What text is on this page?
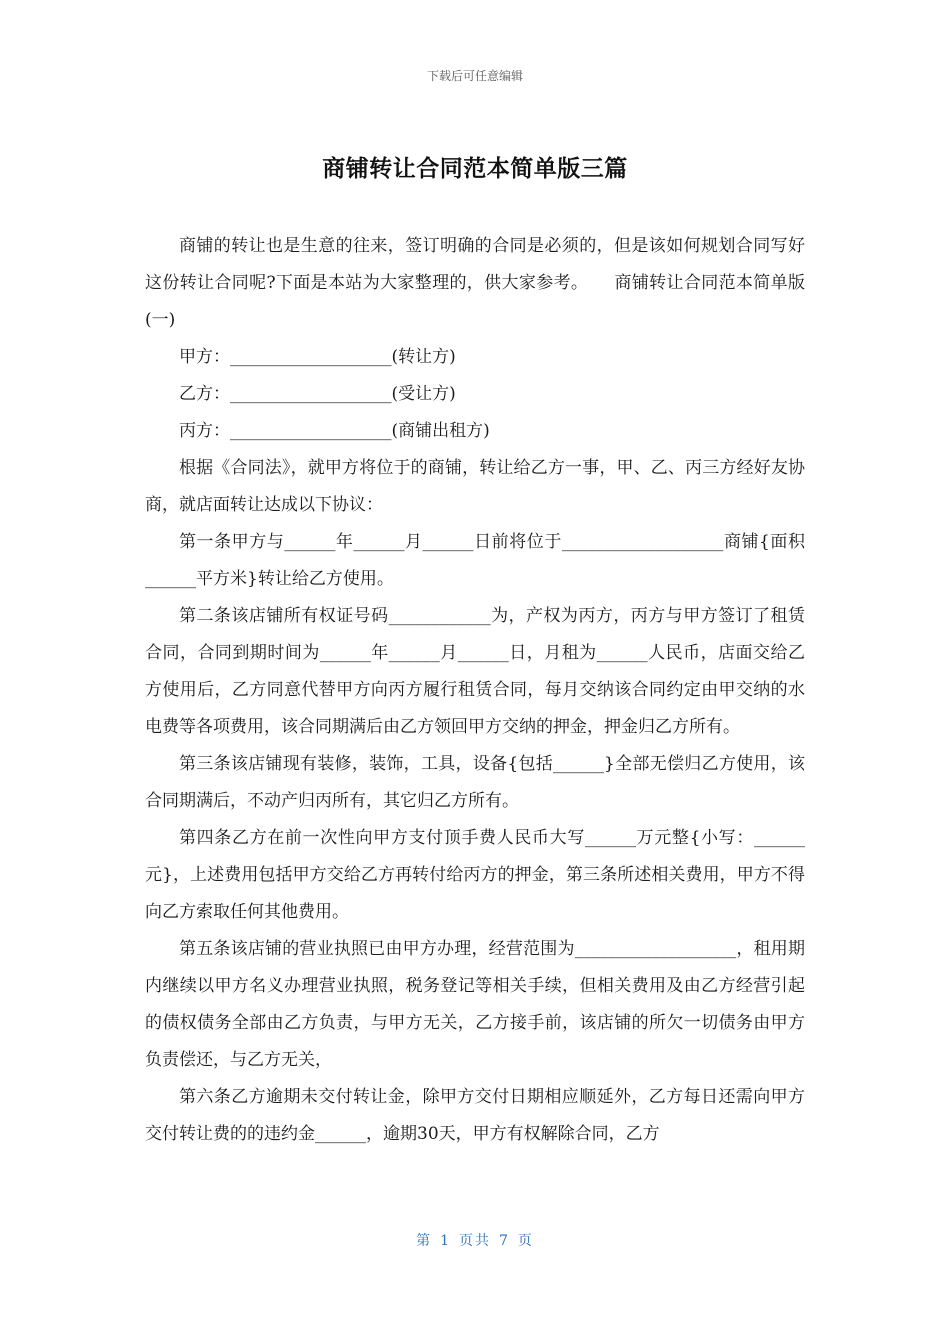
下载后可任意编辑
商铺转让合同范本简单版三篇

商铺的转让也是生意的往来，签订明确的合同是必须的，但是该如何规划合同写好这份转让合同呢?下面是本站为大家整理的，供大家参考。　　商铺转让合同范本简单版(一)

甲方：___________________(转让方)

乙方：___________________(受让方)

丙方：___________________(商铺出租方)

根据《合同法》，就甲方将位于的商铺，转让给乙方一事，甲、乙、丙三方经好友协商，就店面转让达成以下协议：

第一条甲方与______年______月______日前将位于___________________商铺{面积______平方米}转让给乙方使用。

第二条该店铺所有权证号码____________为，产权为丙方，丙方与甲方签订了租赁合同，合同到期时间为______年______月______日，月租为______人民币，店面交给乙方使用后，乙方同意代替甲方向丙方履行租赁合同，每月交纳该合同约定由甲交纳的水电费等各项费用，该合同期满后由乙方领回甲方交纳的押金，押金归乙方所有。

第三条该店铺现有装修，装饰，工具，设备{包括______}全部无偿归乙方使用，该合同期满后，不动产归丙所有，其它归乙方所有。

第四条乙方在前一次性向甲方支付顶手费人民币大写______万元整{小写：______元}，上述费用包括甲方交给乙方再转付给丙方的押金，第三条所述相关费用，甲方不得向乙方索取任何其他费用。

第五条该店铺的营业执照已由甲方办理，经营范围为___________________，租用期内继续以甲方名义办理营业执照，税务登记等相关手续，但相关费用及由乙方经营引起的债权债务全部由乙方负责，与甲方无关，乙方接手前，该店铺的所欠一切债务由甲方负责偿还，与乙方无关，

第六条乙方逾期未交付转让金，除甲方交付日期相应顺延外，乙方每日还需向甲方交付转让费的的违约金______，逾期30天，甲方有权解除合同，乙方

第 1 页共 7 页
